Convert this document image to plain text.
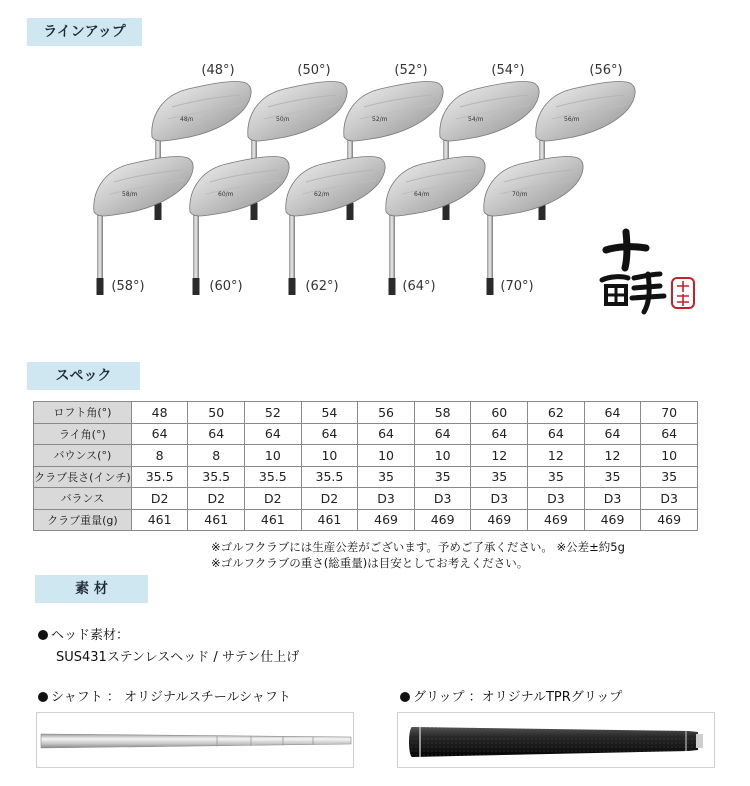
ラインアップ
48/n	50/n	52/m	54/m	56/m
58/m	60/m	62/m	64/m	70/m
(48°)	(50°)	(52°)	(54°)	(56°)
(58°)	(60°)	(62°)	(64°)	(70°)
スペック
ロフト角(°)	48	50	52	54	56	58	60	62	64	70
ライ角(°)	64	64	64	64	64	64	64	64	64	64
バウンス(°)	8	8	10	10	10	10	12	12	12	10
クラブ長さ(インチ)	35.5	35.5	35.5	35.5	35	35	35	35	35	35
バランス	D2	D2	D2	D2	D3	D3	D3	D3	D3	D3
クラブ重量(g)	461	461	461	461	469	469	469	469	469	469
※ゴルフクラブには生産公差がございます。予めご了承ください。 ※公差±約5g
※ゴルフクラブの重さ(総重量)は目安としてお考えください。
素 材
ヘッド素材：
SUS431ステンレスヘッド / サテン仕上げ
シャフト ： オリジナルスチールシャフト	グリップ ：オリジナルTPRグリップ
